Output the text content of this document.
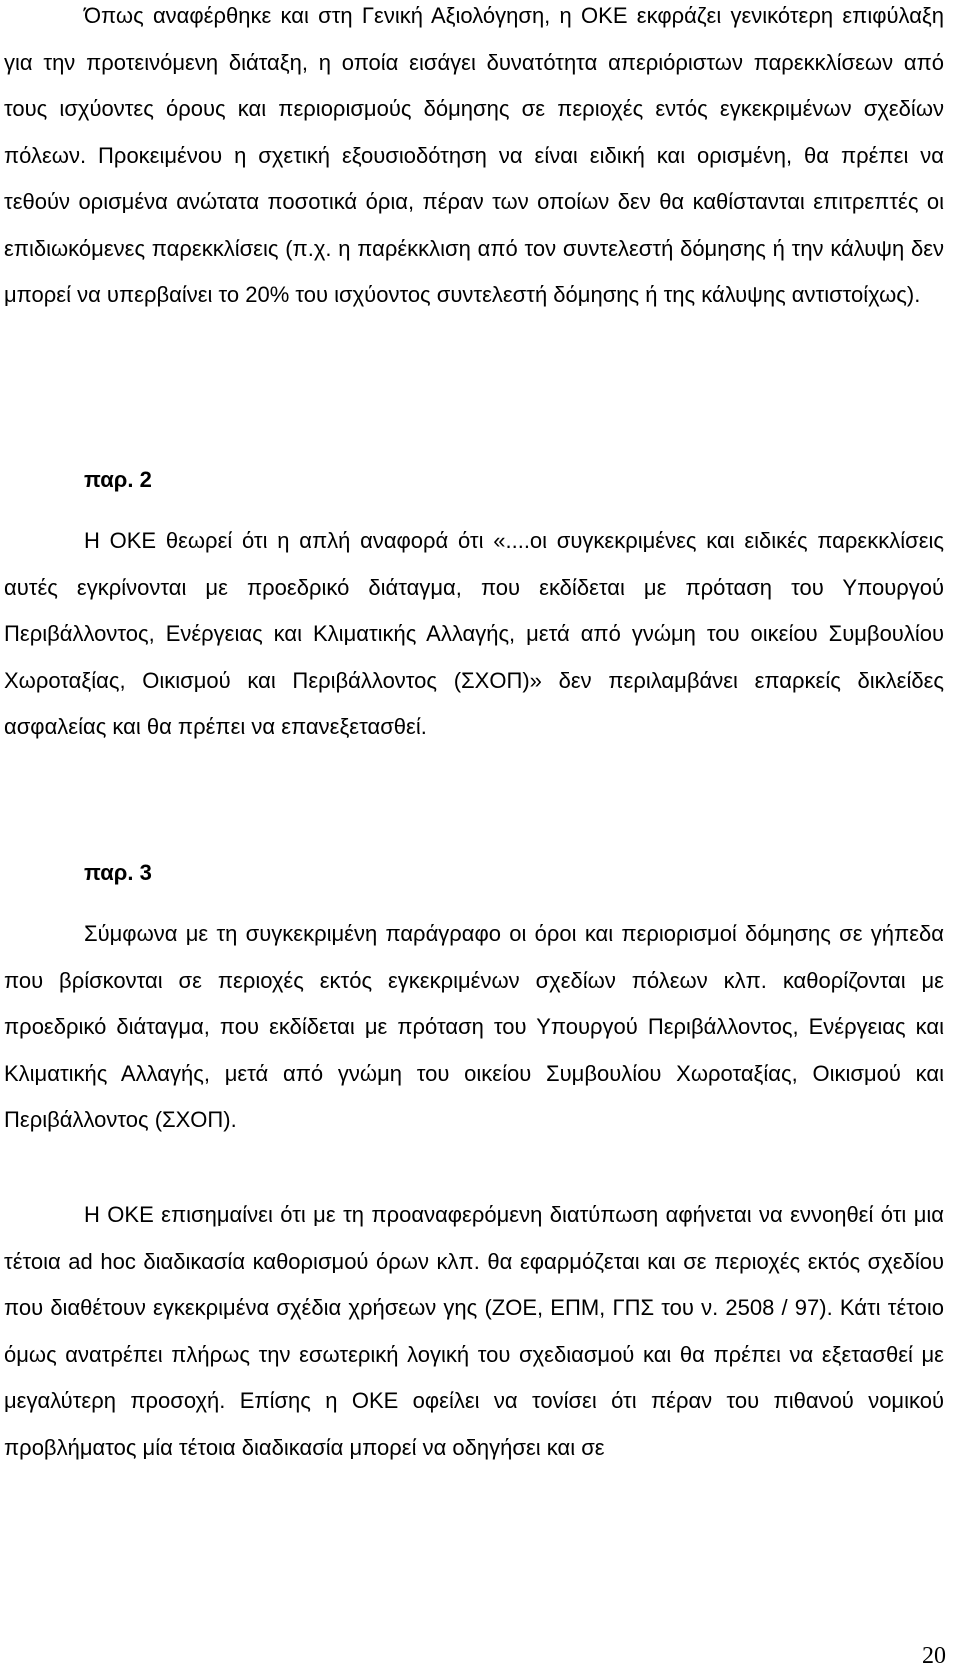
Όπως αναφέρθηκε και στη Γενική Αξιολόγηση, η ΟΚΕ εκφράζει γενικότερη επιφύλαξη για την προτεινόμενη διάταξη, η οποία εισάγει δυνατότητα απεριόριστων παρεκκλίσεων από τους ισχύοντες όρους και περιορισμούς δόμησης σε περιοχές εντός εγκεκριμένων σχεδίων πόλεων. Προκειμένου η σχετική εξουσιοδότηση να είναι ειδική και ορισμένη, θα πρέπει να τεθούν ορισμένα ανώτατα ποσοτικά όρια, πέραν των οποίων δεν θα καθίστανται επιτρεπτές οι επιδιωκόμενες παρεκκλίσεις (π.χ. η παρέκκλιση από τον συντελεστή δόμησης ή την κάλυψη δεν μπορεί να υπερβαίνει το 20% του ισχύοντος συντελεστή δόμησης ή της κάλυψης αντιστοίχως).

παρ. 2

Η ΟΚΕ θεωρεί ότι η απλή αναφορά ότι «....οι συγκεκριμένες και ειδικές παρεκκλίσεις αυτές εγκρίνονται με προεδρικό διάταγμα, που εκδίδεται με πρόταση του Υπουργού Περιβάλλοντος, Ενέργειας και Κλιματικής Αλλαγής, μετά από γνώμη του οικείου Συμβουλίου Χωροταξίας, Οικισμού και Περιβάλλοντος (ΣΧΟΠ)» δεν περιλαμβάνει επαρκείς δικλείδες ασφαλείας και θα πρέπει να επανεξετασθεί.

παρ. 3

Σύμφωνα με τη συγκεκριμένη παράγραφο οι όροι και περιορισμοί δόμησης σε γήπεδα που βρίσκονται σε περιοχές εκτός εγκεκριμένων σχεδίων πόλεων κλπ. καθορίζονται με προεδρικό διάταγμα, που εκδίδεται με πρόταση του Υπουργού Περιβάλλοντος, Ενέργειας και Κλιματικής Αλλαγής, μετά από γνώμη του οικείου Συμβουλίου Χωροταξίας, Οικισμού και Περιβάλλοντος (ΣΧΟΠ).

Η ΟΚΕ επισημαίνει ότι με τη προαναφερόμενη διατύπωση αφήνεται να εννοηθεί ότι μια τέτοια ad hoc διαδικασία καθορισμού όρων κλπ. θα εφαρμόζεται και σε περιοχές εκτός σχεδίου που διαθέτουν εγκεκριμένα σχέδια χρήσεων γης (ΖΟΕ, ΕΠΜ, ΓΠΣ του ν. 2508 / 97). Κάτι τέτοιο όμως ανατρέπει πλήρως την εσωτερική λογική του σχεδιασμού και θα πρέπει να εξετασθεί με μεγαλύτερη προσοχή. Επίσης η ΟΚΕ οφείλει να τονίσει ότι πέραν του πιθανού νομικού προβλήματος μία τέτοια διαδικασία μπορεί να οδηγήσει και σε

20
